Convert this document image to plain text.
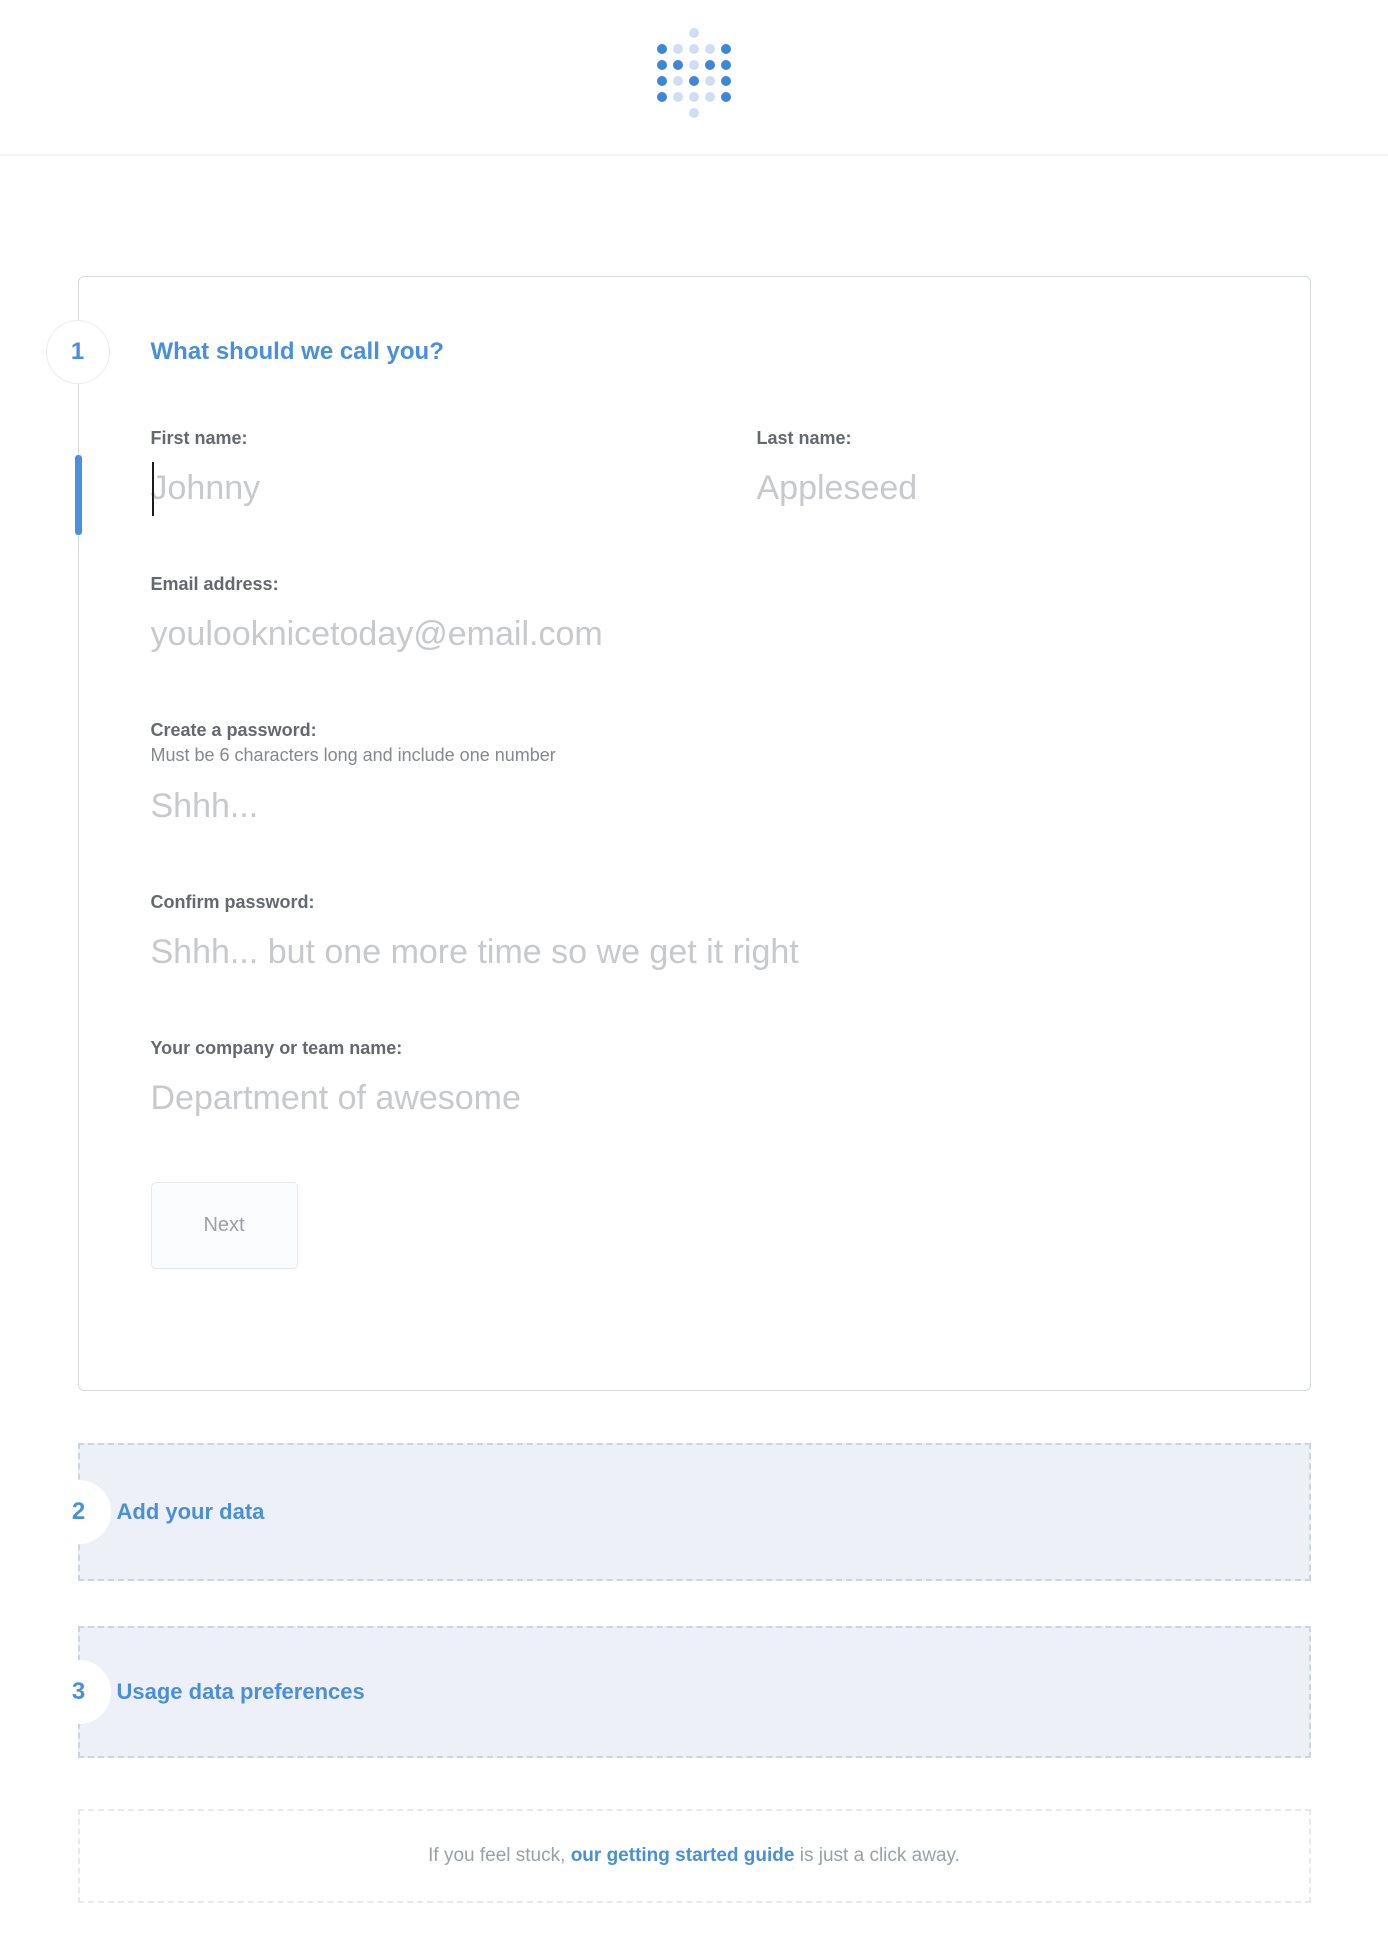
1	What should we call you?
First name:
Johnny	Last name:
Appleseed
Email address:
youlooknicetoday@email.com
Create a password:
Must be 6 characters long and include one number
Shhh...
Confirm password:
Shhh... but one more time so we get it right
Your company or team name:
Department of awesome
Next
2 Add your data
3 Usage data preferences
If you feel stuck, our getting started guide is just a click away.
